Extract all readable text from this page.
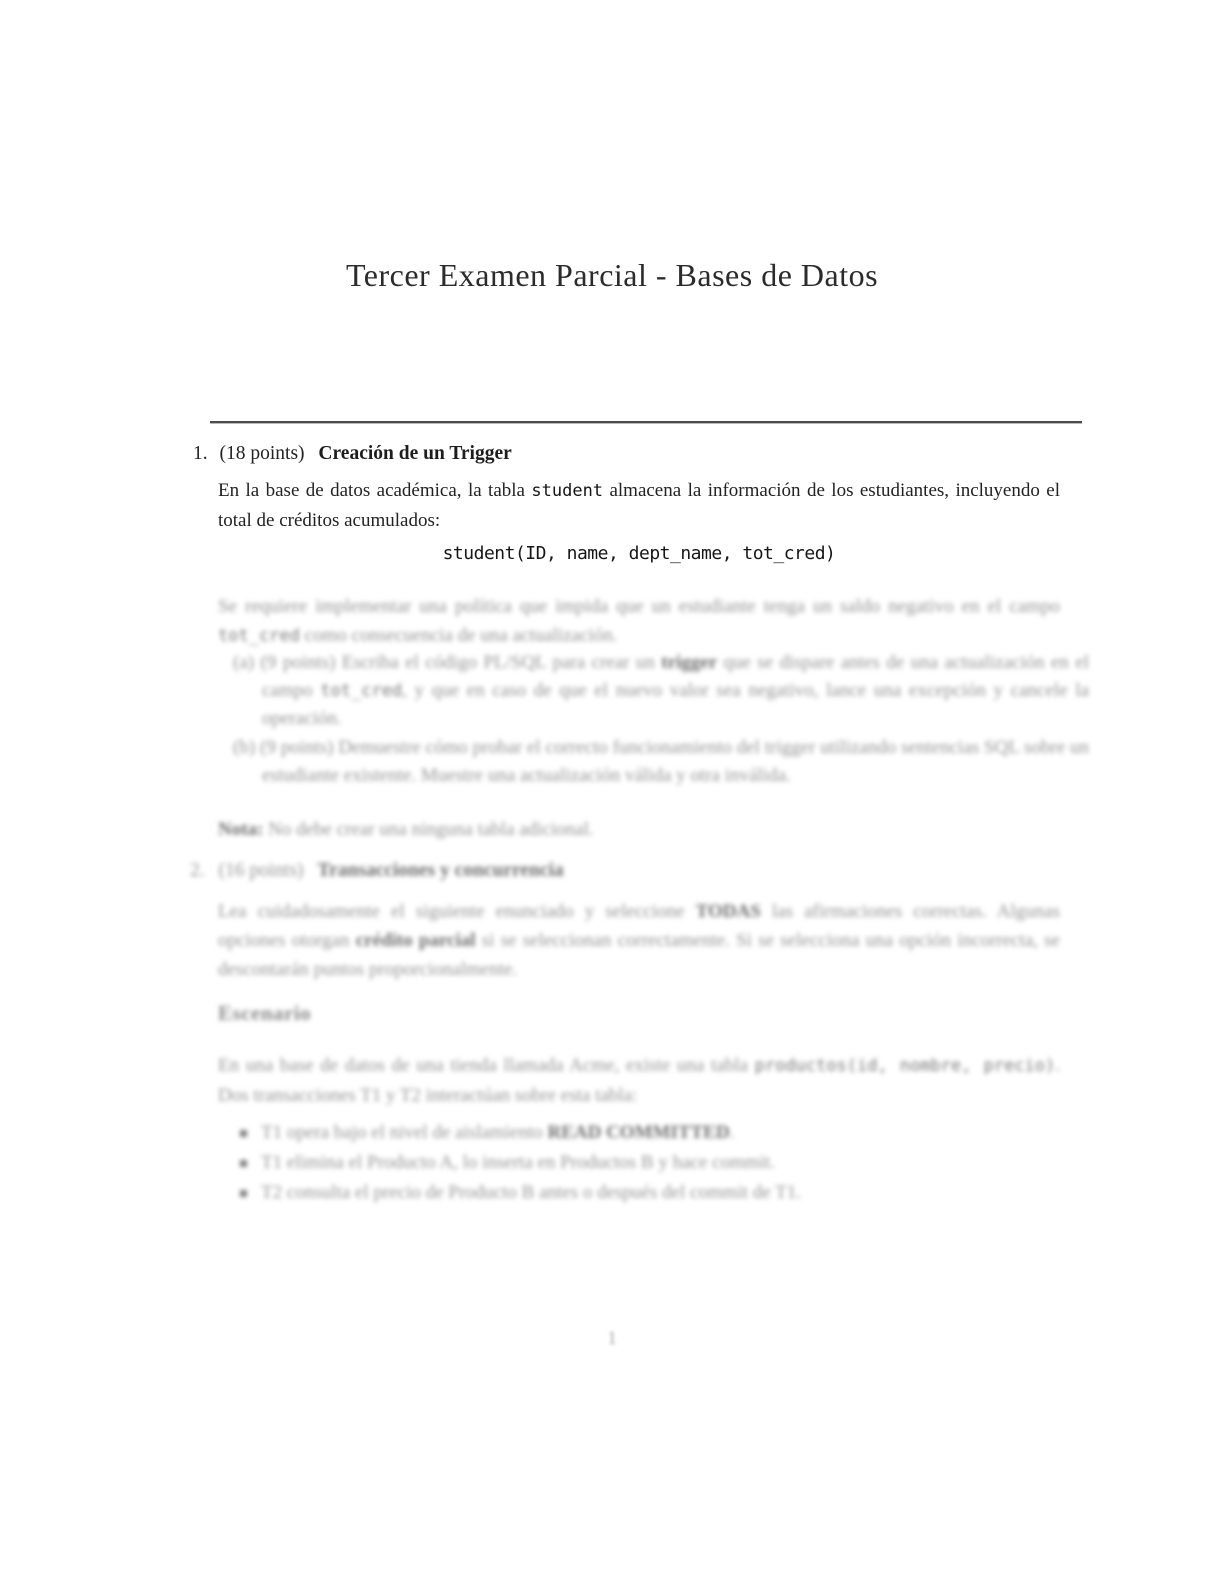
Tercer Examen Parcial - Bases de Datos
1. (18 points) Creación de un Trigger
En la base de datos académica, la tabla student almacena la información de los estudiantes, incluyendo el total de créditos acumulados:
student(ID, name, dept_name, tot_cred)
Se requiere implementar una política que impida que un estudiante tenga un saldo negativo en el campo tot_cred como consecuencia de una actualización.
(a) (9 points) Escriba el código PL/SQL para crear un trigger que se dispare antes de una actualización en el campo tot_cred, y que en caso de que el nuevo valor sea negativo, lance una excepción y cancele la operación.
(b) (9 points) Demuestre cómo probar el correcto funcionamiento del trigger utilizando sentencias SQL sobre un estudiante existente. Muestre una actualización válida y otra inválida.
Nota: No debe crear una ninguna tabla adicional.
2. (16 points) Transacciones y concurrencia
Lea cuidadosamente el siguiente enunciado y seleccione TODAS las afirmaciones correctas. Algunas opciones otorgan crédito parcial si se seleccionan correctamente. Si se selecciona una opción incorrecta, se descontarán puntos proporcionalmente.
Escenario
En una base de datos de una tienda llamada Acme, existe una tabla productos(id, nombre, precio). Dos transacciones T1 y T2 interactúan sobre esta tabla:
T1 opera bajo el nivel de aislamiento READ COMMITTED.
T1 elimina el Producto A, lo inserta en Productos B y hace commit.
T2 consulta el precio de Producto B antes o después del commit de T1.
1
